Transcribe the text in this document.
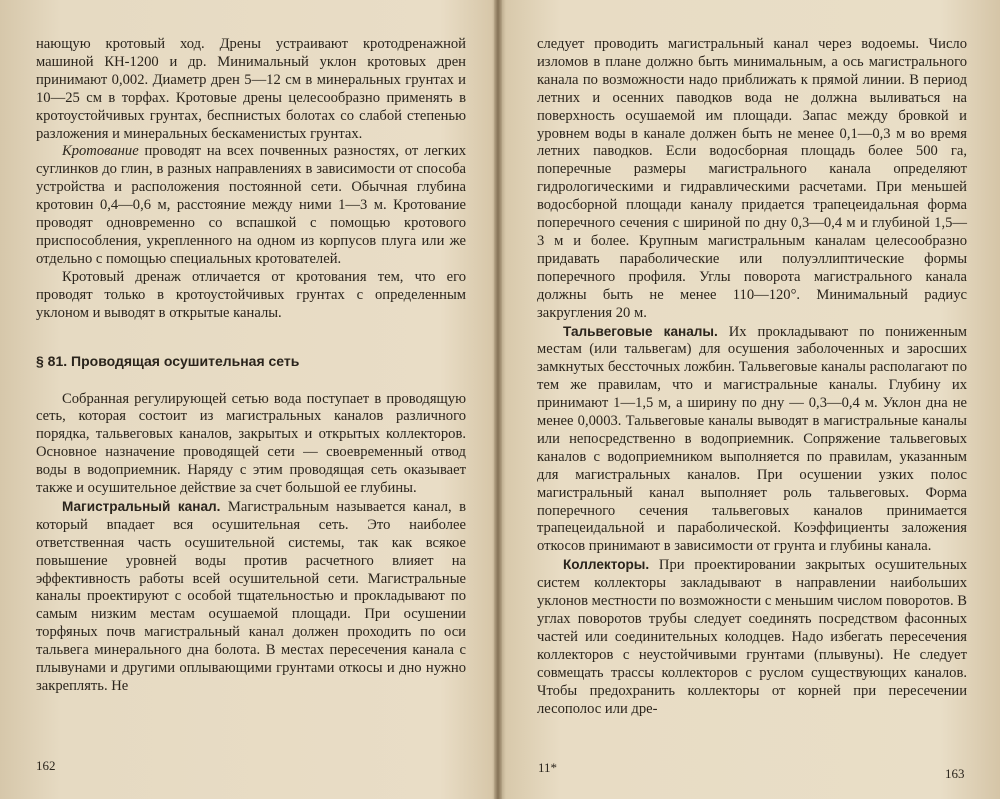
нающую кротовый ход. Дрены устраивают кротодренажной машиной КН-1200 и др. Минимальный уклон кротовых дрен принимают 0,002. Диаметр дрен 5—12 см в минеральных грунтах и 10—25 см в торфах. Кротовые дрены целесообразно применять в кротоустойчивых грунтах, беспнистых болотах со слабой степенью разложения и минеральных бескаменистых грунтах.

Кротование проводят на всех почвенных разностях, от легких суглинков до глин, в разных направлениях в зависимости от способа устройства и расположения постоянной сети. Обычная глубина кротовин 0,4—0,6 м, расстояние между ними 1—3 м. Кротование проводят одновременно со вспашкой с помощью кротового приспособления, укрепленного на одном из корпусов плуга или же отдельно с помощью специальных кротователей.

Кротовый дренаж отличается от кротования тем, что его проводят только в кротоустойчивых грунтах с определенным уклоном и выводят в открытые каналы.

§ 81. Проводящая осушительная сеть

Собранная регулирующей сетью вода поступает в проводящую сеть, которая состоит из магистральных каналов различного порядка, тальвеговых каналов, закрытых и открытых коллекторов. Основное назначение проводящей сети — своевременный отвод воды в водоприемник. Наряду с этим проводящая сеть оказывает также и осушительное действие за счет большой ее глубины.

Магистральный канал. Магистральным называется канал, в который впадает вся осушительная сеть. Это наиболее ответственная часть осушительной системы, так как всякое повышение уровней воды против расчетного влияет на эффективность работы всей осушительной сети. Магистральные каналы проектируют с особой тщательностью и прокладывают по самым низким местам осушаемой площади. При осушении торфяных почв магистральный канал должен проходить по оси тальвега минерального дна болота. В местах пересечения канала с плывунами и другими оплывающими грунтами откосы и дно нужно закреплять. Не

следует проводить магистральный канал через водоемы. Число изломов в плане должно быть минимальным, а ось магистрального канала по возможности надо приближать к прямой линии. В период летних и осенних паводков вода не должна выливаться на поверхность осушаемой им площади. Запас между бровкой и уровнем воды в канале должен быть не менее 0,1—0,3 м во время летних паводков. Если водосборная площадь более 500 га, поперечные размеры магистрального канала определяют гидрологическими и гидравлическими расчетами. При меньшей водосборной площади каналу придается трапецеидальная форма поперечного сечения с шириной по дну 0,3—0,4 м и глубиной 1,5—3 м и более. Крупным магистральным каналам целесообразно придавать параболические или полуэллиптические формы поперечного профиля. Углы поворота магистрального канала должны быть не менее 110—120°. Минимальный радиус закругления 20 м.

Тальвеговые каналы. Их прокладывают по пониженным местам (или тальвегам) для осушения заболоченных и заросших замкнутых бессточных ложбин. Тальвеговые каналы располагают по тем же правилам, что и магистральные каналы. Глубину их принимают 1—1,5 м, а ширину по дну — 0,3—0,4 м. Уклон дна не менее 0,0003. Тальвеговые каналы выводят в магистральные каналы или непосредственно в водоприемник. Сопряжение тальвеговых каналов с водоприемником выполняется по правилам, указанным для магистральных каналов. При осушении узких полос магистральный канал выполняет роль тальвеговых. Форма поперечного сечения тальвеговых каналов принимается трапецеидальной и параболической. Коэффициенты заложения откосов принимают в зависимости от грунта и глубины канала.

Коллекторы. При проектировании закрытых осушительных систем коллекторы закладывают в направлении наибольших уклонов местности по возможности с меньшим числом поворотов. В углах поворотов трубы следует соединять посредством фасонных частей или соединительных колодцев. Надо избегать пересечения коллекторов с неустойчивыми грунтами (плывуны). Не следует совмещать трассы коллекторов с руслом существующих каналов. Чтобы предохранить коллекторы от корней при пересечении лесополос или дре-

162	11*	163
